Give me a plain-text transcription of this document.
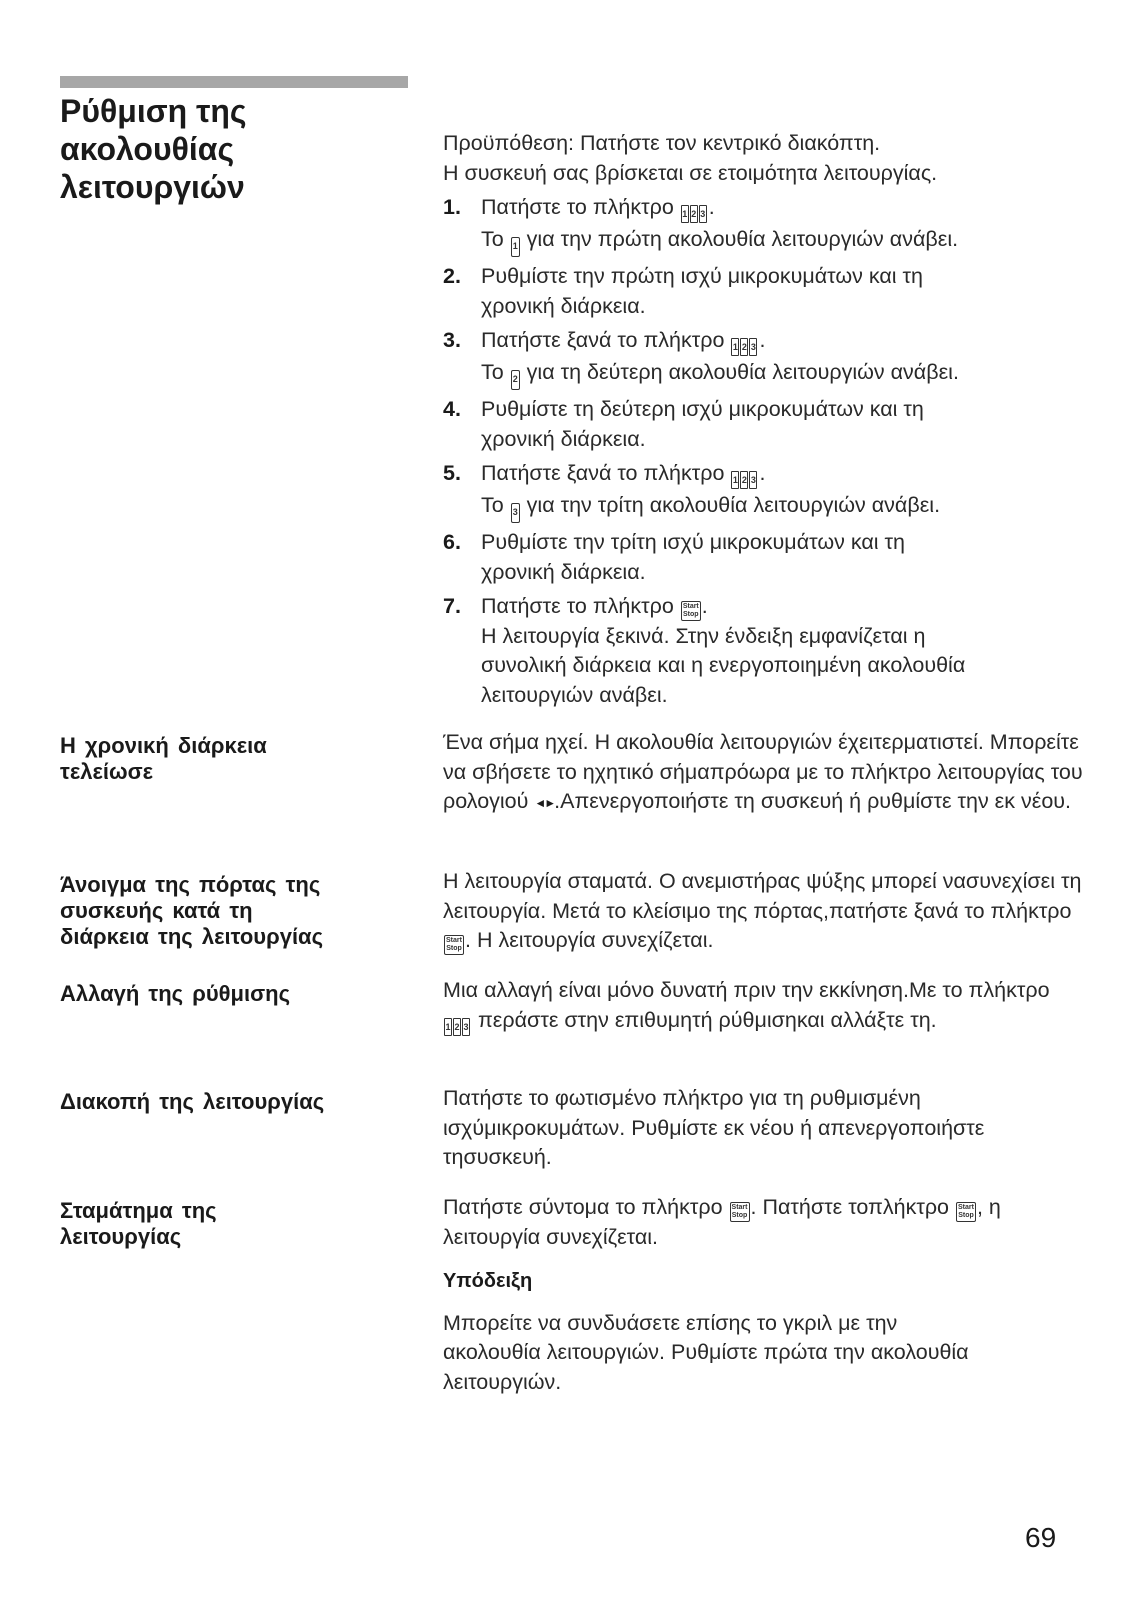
Ρύθμιση της
ακολουθίας
λειτουργιών
Προϋπόθεση: Πατήστε τον κεντρικό διακόπτη.
Η συσκευή σας βρίσκεται σε ετοιμότητα λειτουργίας.
1. Πατήστε το πλήκτρο 1 2 3 .
Το 1 για την πρώτη ακολουθία λειτουργιών ανάβει.
2. Ρυθμίστε την πρώτη ισχύ μικροκυμάτων και τη
χρονική διάρκεια.
3. Πατήστε ξανά το πλήκτρο 1 2 3 .
Το 2 για τη δεύτερη ακολουθία λειτουργιών ανάβει.
4. Ρυθμίστε τη δεύτερη ισχύ μικροκυμάτων και τη
χρονική διάρκεια.
5. Πατήστε ξανά το πλήκτρο 1 2 3 .
Το 3 για την τρίτη ακολουθία λειτουργιών ανάβει.
6. Ρυθμίστε την τρίτη ισχύ μικροκυμάτων και τη
χρονική διάρκεια.
7. Πατήστε το πλήκτρο Start
Stop .
Η λειτουργία ξεκινά. Στην ένδειξη εμφανίζεται η
συνολική διάρκεια και η ενεργοποιημένη ακολουθία
λειτουργιών ανάβει.
Η χρονική διάρκεια
τελείωσε
Ένα σήμα ηχεί. Η ακολουθία λειτουργιών έχειτερματιστεί. Μπορείτε να σβήσετε το ηχητικό σήμαπρόωρα με το πλήκτρο λειτουργίας του ρολογιού ◄►.Απενεργοποιήστε τη συσκευή ή ρυθμίστε την εκ νέου.
Άνοιγμα της πόρτας της
συσκευής κατά τη
διάρκεια της λειτουργίας
Η λειτουργία σταματά. Ο ανεμιστήρας ψύξης μπορεί νασυνεχίσει τη λειτουργία. Μετά το κλείσιμο της πόρτας,πατήστε ξανά το πλήκτρο
Start
Stop . Η λειτουργία συνεχίζεται.
Αλλαγή της ρύθμισης	Μια αλλαγή είναι μόνο δυνατή πριν την εκκίνηση.Με το πλήκτρο
1 2 3 περάστε στην επιθυμητή ρύθμισηκαι αλλάξτε τη.
Διακοπή της λειτουργίας	Πατήστε το φωτισμένο πλήκτρο για τη ρυθμισμένη ισχύμικροκυμάτων. Ρυθμίστε εκ νέου ή απενεργοποιήστε τησυσκευή.
Σταμάτημα της
λειτουργίας
Πατήστε σύντομα το πλήκτρο Start
Stop . Πατήστε τοπλήκτρο Start
Stop , η λειτουργία συνεχίζεται.
Υπόδειξη
Μπορείτε να συνδυάσετε επίσης το γκριλ με την
ακολουθία λειτουργιών. Ρυθμίστε πρώτα την ακολουθία
λειτουργιών.
69
